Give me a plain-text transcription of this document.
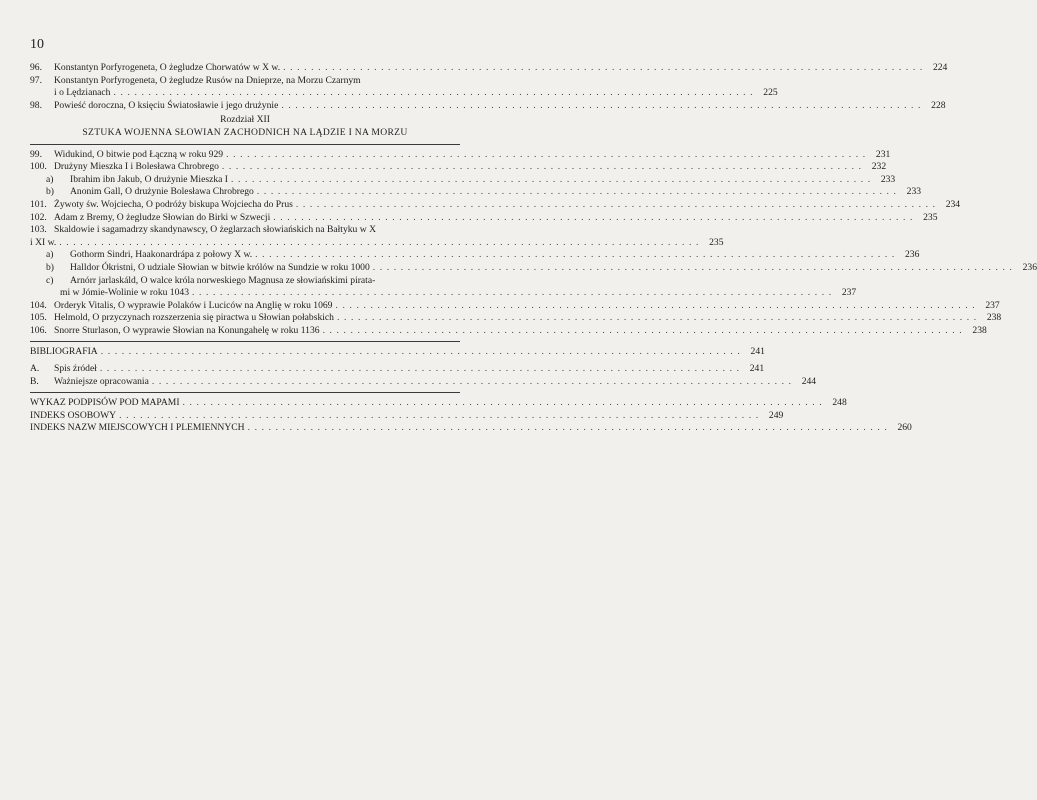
10
96.	Konstantyn Porfyrogeneta, O żegludze Chorwatów w X w. . . .	224
97.	Konstantyn Porfyrogeneta, O żegludze Rusów na Dnieprze, na Morzu Czarnym
i o Lędzianach . . .	225
98.	Powieść doroczna, O księciu Światosławie i jego drużynie . . .	228
Rozdział XII
SZTUKA WOJENNA SŁOWIAN ZACHODNICH NA LĄDZIE I NA MORZU
99.	Widukind, O bitwie pod Łączną w roku 929 . . .	231
100. Drużyny Mieszka I i Bolesława Chrobrego . . .	232
a)	Ibrahim ibn Jakub, O drużynie Mieszka I . . .	233
b)	Anonim Gall, O drużynie Bolesława Chrobrego . . .	233
101. Żywoty św. Wojciecha, O podróży biskupa Wojciecha do Prus . . .	234
102. Adam z Bremy, O żegludze Słowian do Birki w Szwecji . . .	235
103. Skaldowie i sagamadrzy skandynawscy, O żeglarzach słowiańskich na Bałtyku w X
i XI w. . . .	235
a)	Gothorm Sindri, Haakonardrápa z połowy X w. . . .	236
b)	Halldor Ókristni, O udziale Słowian w bitwie królów na Sundzie w roku 1000 . . .	236
c)	Arnórr jarlaskáld, O walce króla norweskiego Magnusa ze słowiańskimi pirata-
mi w Jómie-Wolinie w roku 1043 . . .	237
104. Orderyk Vitalis, O wyprawie Polaków i Luciców na Anglię w roku 1069 . . .	237
105. Helmold, O przyczynach rozszerzenia się piractwa u Słowian połabskich . . .	238
106. Snorre Sturlason, O wyprawie Słowian na Konungahelę w roku 1136 . . .	238
BIBLIOGRAFIA . . .	241
A.	Spis źródeł . . .	241
B.	Ważniejsze opracowania . . .	244
WYKAZ PODPISÓW POD MAPAMI . . .	248
INDEKS OSOBOWY . . .	249
INDEKS NAZW MIEJSCOWYCH I PLEMIENNYCH . . .	260
